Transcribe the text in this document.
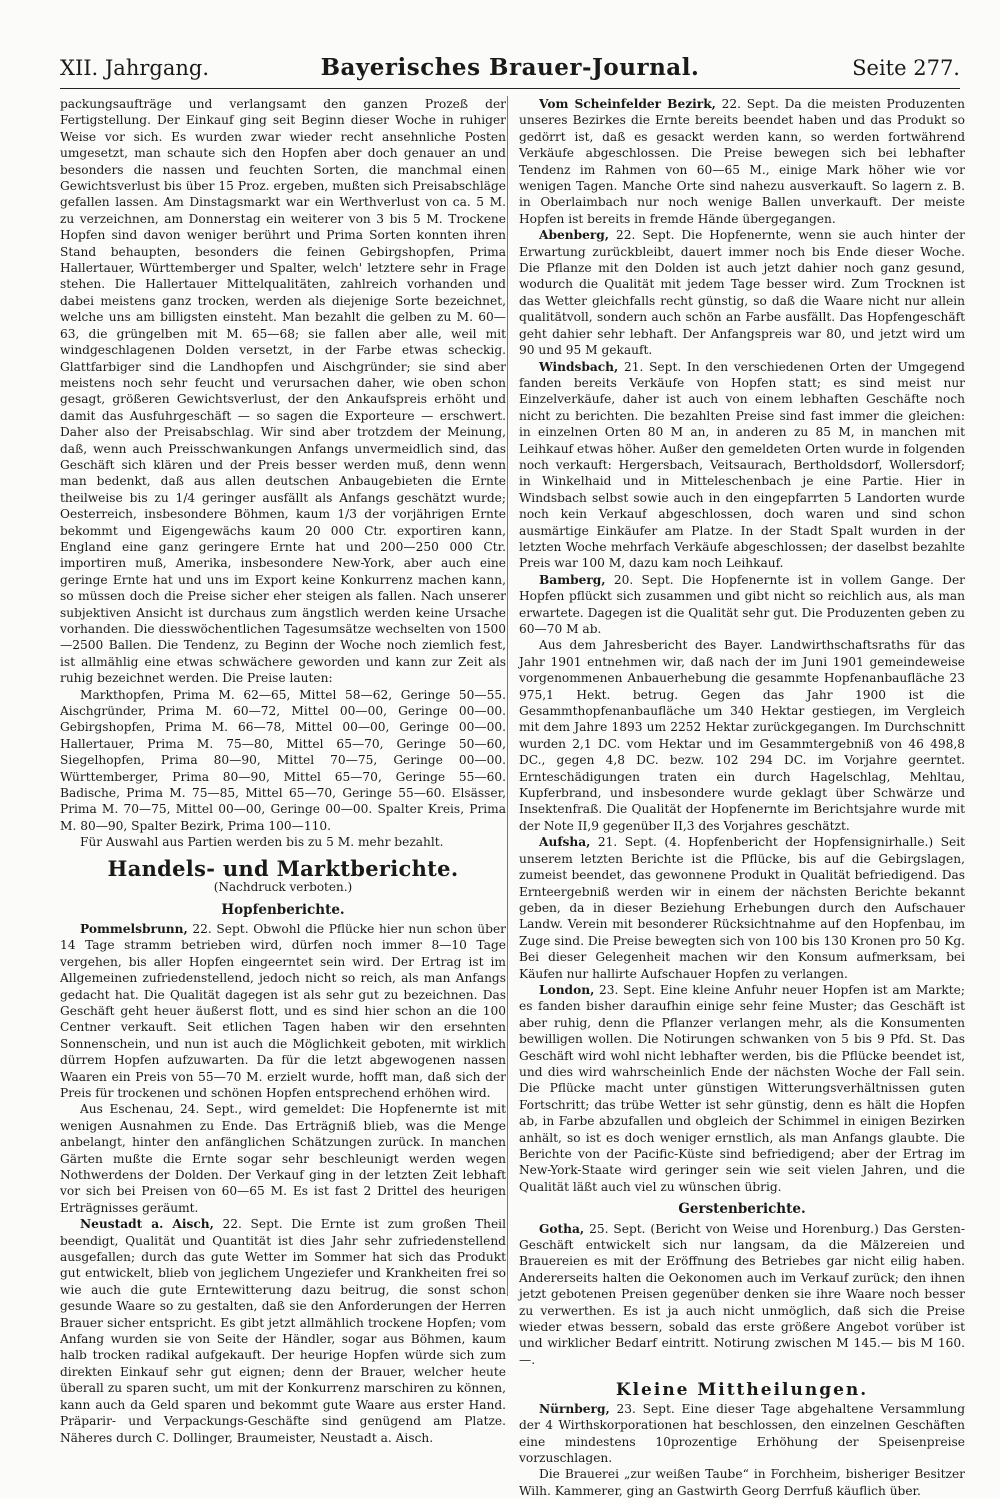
XII. Jahrgang.	Bayerisches Brauer-Journal.	Seite 277.

packungsaufträge und verlangsamt den ganzen Prozeß der Fertigstellung. Der Einkauf ging seit Beginn dieser Woche in ruhiger Weise vor sich. Es wurden zwar wieder recht ansehnliche Posten umgesetzt, man schaute sich den Hopfen aber doch genauer an und besonders die nassen und feuchten Sorten, die manchmal einen Gewichtsverlust bis über 15 Proz. ergeben, mußten sich Preisabschläge gefallen lassen. Am Dinstagsmarkt war ein Werthverlust von ca. 5 M. zu verzeichnen, am Donnerstag ein weiterer von 3 bis 5 M. Trockene Hopfen sind davon weniger berührt und Prima Sorten konnten ihren Stand behaupten, besonders die feinen Gebirgshopfen, Prima Hallertauer, Württemberger und Spalter, welch' letztere sehr in Frage stehen. Die Hallertauer Mittelqualitäten, zahlreich vorhanden und dabei meistens ganz trocken, werden als diejenige Sorte bezeichnet, welche uns am billigsten einsteht. Man bezahlt die gelben zu M. 60—63, die grüngelben mit M. 65—68; sie fallen aber alle, weil mit windgeschlagenen Dolden versetzt, in der Farbe etwas scheckig. Glattfarbiger sind die Landhopfen und Aischgründer; sie sind aber meistens noch sehr feucht und verursachen daher, wie oben schon gesagt, größeren Gewichtsverlust, der den Ankaufspreis erhöht und damit das Ausfuhrgeschäft — so sagen die Exporteure — erschwert. Daher also der Preisabschlag. Wir sind aber trotzdem der Meinung, daß, wenn auch Preisschwankungen Anfangs unvermeidlich sind, das Geschäft sich klären und der Preis besser werden muß, denn wenn man bedenkt, daß aus allen deutschen Anbaugebieten die Ernte theilweise bis zu 1/4 geringer ausfällt als Anfangs geschätzt wurde; Oesterreich, insbesondere Böhmen, kaum 1/3 der vorjährigen Ernte bekommt und Eigengewächs kaum 20 000 Ctr. exportiren kann, England eine ganz geringere Ernte hat und 200—250 000 Ctr. importiren muß, Amerika, insbesondere New-York, aber auch eine geringe Ernte hat und uns im Export keine Konkurrenz machen kann, so müssen doch die Preise sicher eher steigen als fallen. Nach unserer subjektiven Ansicht ist durchaus zum ängstlich werden keine Ursache vorhanden. Die diesswöchentlichen Tagesumsätze wechselten von 1500—2500 Ballen. Die Tendenz, zu Beginn der Woche noch ziemlich fest, ist allmählig eine etwas schwächere geworden und kann zur Zeit als ruhig bezeichnet werden. Die Preise lauten:

Markthopfen, Prima M. 62—65, Mittel 58—62, Geringe 50—55. Aischgründer, Prima M. 60—72, Mittel 00—00, Geringe 00—00. Gebirgshopfen, Prima M. 66—78, Mittel 00—00, Geringe 00—00. Hallertauer, Prima M. 75—80, Mittel 65—70, Geringe 50—60, Siegelhopfen, Prima 80—90, Mittel 70—75, Geringe 00—00. Württemberger, Prima 80—90, Mittel 65—70, Geringe 55—60. Badische, Prima M. 75—85, Mittel 65—70, Geringe 55—60. Elsässer, Prima M. 70—75, Mittel 00—00, Geringe 00—00. Spalter Kreis, Prima M. 80—90, Spalter Bezirk, Prima 100—110.

Für Auswahl aus Partien werden bis zu 5 M. mehr bezahlt.

Handels- und Marktberichte.
(Nachdruck verboten.)
Hopfenberichte.

Pommelsbrunn, 22. Sept. Obwohl die Pflücke hier nun schon über 14 Tage stramm betrieben wird, dürfen noch immer 8—10 Tage vergehen, bis aller Hopfen eingeerntet sein wird. Der Ertrag ist im Allgemeinen zufriedenstellend, jedoch nicht so reich, als man Anfangs gedacht hat. Die Qualität dagegen ist als sehr gut zu bezeichnen. Das Geschäft geht heuer äußerst flott, und es sind hier schon an die 100 Centner verkauft. Seit etlichen Tagen haben wir den ersehnten Sonnenschein, und nun ist auch die Möglichkeit geboten, mit wirklich dürrem Hopfen aufzuwarten. Da für die letzt abgewogenen nassen Waaren ein Preis von 55—70 M. erzielt wurde, hofft man, daß sich der Preis für trockenen und schönen Hopfen entsprechend erhöhen wird.

Aus Eschenau, 24. Sept., wird gemeldet: Die Hopfenernte ist mit wenigen Ausnahmen zu Ende. Das Erträgniß blieb, was die Menge anbelangt, hinter den anfänglichen Schätzungen zurück. In manchen Gärten mußte die Ernte sogar sehr beschleunigt werden wegen Nothwerdens der Dolden. Der Verkauf ging in der letzten Zeit lebhaft vor sich bei Preisen von 60—65 M. Es ist fast 2 Drittel des heurigen Erträgnisses geräumt.

Neustadt a. Aisch, 22. Sept. Die Ernte ist zum großen Theil beendigt, Qualität und Quantität ist dies Jahr sehr zufriedenstellend ausgefallen; durch das gute Wetter im Sommer hat sich das Produkt gut entwickelt, blieb von jeglichem Ungeziefer und Krankheiten frei so wie auch die gute Erntewitterung dazu beitrug, die sonst schon gesunde Waare so zu gestalten, daß sie den Anforderungen der Herren Brauer sicher entspricht. Es gibt jetzt allmählich trockene Hopfen; vom Anfang wurden sie von Seite der Händler, sogar aus Böhmen, kaum halb trocken radikal aufgekauft. Der heurige Hopfen würde sich zum direkten Einkauf sehr gut eignen; denn der Brauer, welcher heute überall zu sparen sucht, um mit der Konkurrenz marschiren zu können, kann auch da Geld sparen und bekommt gute Waare aus erster Hand. Präparir- und Verpackungs-Geschäfte sind genügend am Platze. Näheres durch C. Dollinger, Braumeister, Neustadt a. Aisch.

Vom Scheinfelder Bezirk, 22. Sept. Da die meisten Produzenten unseres Bezirkes die Ernte bereits beendet haben und das Produkt so gedörrt ist, daß es gesackt werden kann, so werden fortwährend Verkäufe abgeschlossen. Die Preise bewegen sich bei lebhafter Tendenz im Rahmen von 60—65 M., einige Mark höher wie vor wenigen Tagen. Manche Orte sind nahezu ausverkauft. So lagern z. B. in Oberlaimbach nur noch wenige Ballen unverkauft. Der meiste Hopfen ist bereits in fremde Hände übergegangen.

Abenberg, 22. Sept. Die Hopfenernte, wenn sie auch hinter der Erwartung zurückbleibt, dauert immer noch bis Ende dieser Woche. Die Pflanze mit den Dolden ist auch jetzt dahier noch ganz gesund, wodurch die Qualität mit jedem Tage besser wird. Zum Trocknen ist das Wetter gleichfalls recht günstig, so daß die Waare nicht nur allein qualitätvoll, sondern auch schön an Farbe ausfällt. Das Hopfengeschäft geht dahier sehr lebhaft. Der Anfangspreis war 80, und jetzt wird um 90 und 95 M gekauft.

Windsbach, 21. Sept. In den verschiedenen Orten der Umgegend fanden bereits Verkäufe von Hopfen statt; es sind meist nur Einzelverkäufe, daher ist auch von einem lebhaften Geschäfte noch nicht zu berichten. Die bezahlten Preise sind fast immer die gleichen: in einzelnen Orten 80 M an, in anderen zu 85 M, in manchen mit Leihkauf etwas höher. Außer den gemeldeten Orten wurde in folgenden noch verkauft: Hergersbach, Veitsaurach, Bertholdsdorf, Wollersdorf; in Winkelhaid und in Mitteleschenbach je eine Partie. Hier in Windsbach selbst sowie auch in den eingepfarrten 5 Landorten wurde noch kein Verkauf abgeschlossen, doch waren und sind schon ausmärtige Einkäufer am Platze. In der Stadt Spalt wurden in der letzten Woche mehrfach Verkäufe abgeschlossen; der daselbst bezahlte Preis war 100 M, dazu kam noch Leihkauf.

Bamberg, 20. Sept. Die Hopfenernte ist in vollem Gange. Der Hopfen pflückt sich zusammen und gibt nicht so reichlich aus, als man erwartete. Dagegen ist die Qualität sehr gut. Die Produzenten geben zu 60—70 M ab.

Aus dem Jahresbericht des Bayer. Landwirthschaftsraths für das Jahr 1901 entnehmen wir, daß nach der im Juni 1901 gemeindeweise vorgenommenen Anbauerhebung die gesammte Hopfenanbaufläche 23 975,1 Hekt. betrug. Gegen das Jahr 1900 ist die Gesammthopfenanbaufläche um 340 Hektar gestiegen, im Vergleich mit dem Jahre 1893 um 2252 Hektar zurückgegangen. Im Durchschnitt wurden 2,1 DC. vom Hektar und im Gesammtergebniß von 46 498,8 DC., gegen 4,8 DC. bezw. 102 294 DC. im Vorjahre geerntet. Ernteschädigungen traten ein durch Hagelschlag, Mehltau, Kupferbrand, und insbesondere wurde geklagt über Schwärze und Insektenfraß. Die Qualität der Hopfenernte im Berichtsjahre wurde mit der Note II,9 gegenüber II,3 des Vorjahres geschätzt.

Aufsha, 21. Sept. (4. Hopfenbericht der Hopfensignirhalle.) Seit unserem letzten Berichte ist die Pflücke, bis auf die Gebirgslagen, zumeist beendet, das gewonnene Produkt in Qualität befriedigend. Das Ernteergebniß werden wir in einem der nächsten Berichte bekannt geben, da in dieser Beziehung Erhebungen durch den Aufschauer Landw. Verein mit besonderer Rücksichtnahme auf den Hopfenbau, im Zuge sind. Die Preise bewegten sich von 100 bis 130 Kronen pro 50 Kg. Bei dieser Gelegenheit machen wir den Konsum aufmerksam, bei Käufen nur hallirte Aufschauer Hopfen zu verlangen.

London, 23. Sept. Eine kleine Anfuhr neuer Hopfen ist am Markte; es fanden bisher daraufhin einige sehr feine Muster; das Geschäft ist aber ruhig, denn die Pflanzer verlangen mehr, als die Konsumenten bewilligen wollen. Die Notirungen schwanken von 5 bis 9 Pfd. St. Das Geschäft wird wohl nicht lebhafter werden, bis die Pflücke beendet ist, und dies wird wahrscheinlich Ende der nächsten Woche der Fall sein. Die Pflücke macht unter günstigen Witterungsverhältnissen guten Fortschritt; das trübe Wetter ist sehr günstig, denn es hält die Hopfen ab, in Farbe abzufallen und obgleich der Schimmel in einigen Bezirken anhält, so ist es doch weniger ernstlich, als man Anfangs glaubte. Die Berichte von der Pacific-Küste sind befriedigend; aber der Ertrag im New-York-Staate wird geringer sein wie seit vielen Jahren, und die Qualität läßt auch viel zu wünschen übrig.

Gerstenberichte.

Gotha, 25. Sept. (Bericht von Weise und Horenburg.) Das Gersten-Geschäft entwickelt sich nur langsam, da die Mälzereien und Brauereien es mit der Eröffnung des Betriebes gar nicht eilig haben. Andererseits halten die Oekonomen auch im Verkauf zurück; den ihnen jetzt gebotenen Preisen gegenüber denken sie ihre Waare noch besser zu verwerthen. Es ist ja auch nicht unmöglich, daß sich die Preise wieder etwas bessern, sobald das erste größere Angebot vorüber ist und wirklicher Bedarf eintritt. Notirung zwischen M 145.— bis M 160.—.

Kleine Mittheilungen.

Nürnberg, 23. Sept. Eine dieser Tage abgehaltene Versammlung der 4 Wirthskorporationen hat beschlossen, den einzelnen Geschäften eine mindestens 10prozentige Erhöhung der Speisenpreise vorzuschlagen.

Die Brauerei „zur weißen Taube“ in Forchheim, bisheriger Besitzer Wilh. Kammerer, ging an Gastwirth Georg Derrfuß käuflich über.
